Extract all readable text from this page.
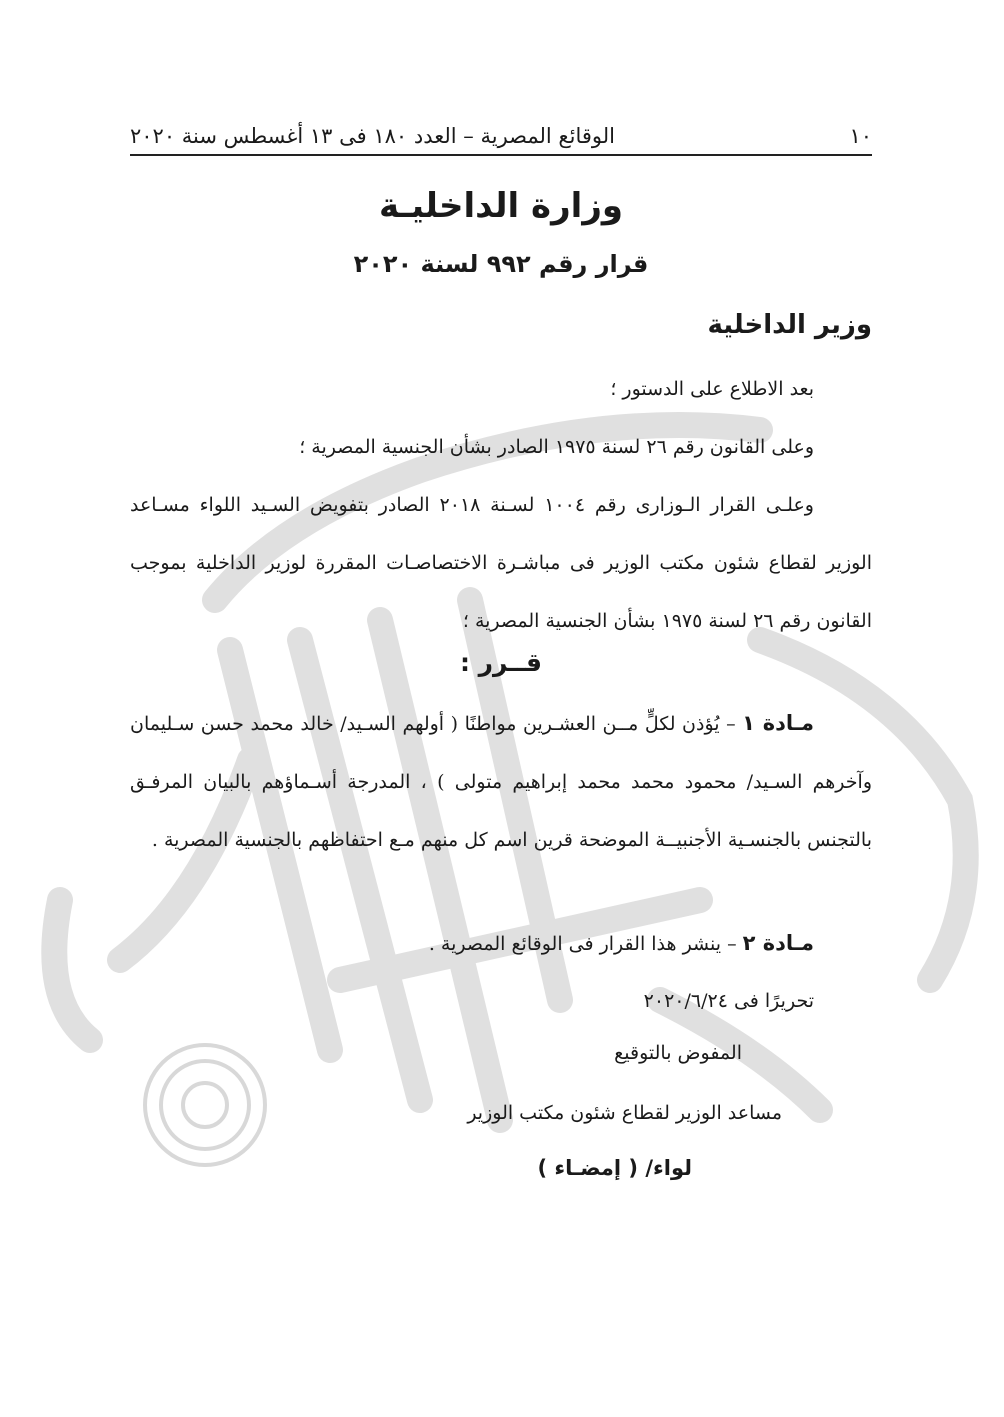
١٠
الوقائع المصرية – العدد ١٨٠ فى ١٣ أغسطس سنة ٢٠٢٠
وزارة الداخليـة
قرار رقم ٩٩٢ لسنة ٢٠٢٠
وزير الداخلية
بعد الاطلاع على الدستور ؛
وعلى القانون رقم ٢٦ لسنة ١٩٧٥ الصادر بشأن الجنسية المصرية ؛
وعلـى القرار الـوزارى رقم ١٠٠٤ لسـنة ٢٠١٨ الصادر بتفويض السـيد اللواء مسـاعد الوزير لقطاع شئون مكتب الوزير فى مباشـرة الاختصاصـات المقررة لوزير الداخلية بموجب القانون رقم ٢٦ لسنة ١٩٧٥ بشأن الجنسية المصرية ؛
قــرر :
مـادة ١ – يُؤذن لكلٍّ مــن العشـرين مواطنًا ( أولهم السـيد/ خالد محمد حسن سـليمان وآخرهم السـيد/ محمود محمد محمد إبراهيم متولى ) ، المدرجة أسـماؤهم بالبيان المرفـق بالتجنس بالجنسـية الأجنبيــة الموضحة قرين اسم كل منهم مـع احتفاظهم بالجنسية المصرية .
مـادة ٢ – ينشر هذا القرار فى الوقائع المصرية .
تحريرًا فى ٢٠٢٠/٦/٢٤
المفوض بالتوقيع
مساعد الوزير لقطاع شئون مكتب الوزير
لواء/ ( إمضـاء )
